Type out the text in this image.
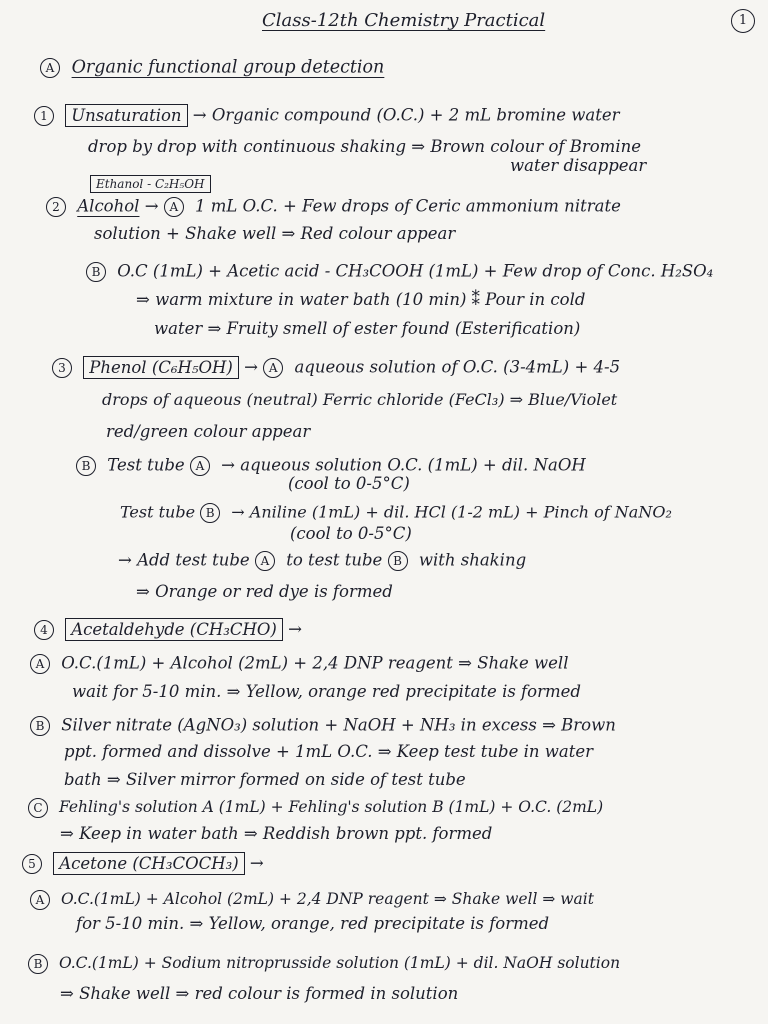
1
Class-12th Chemistry Practical
A Organic functional group detection
1 Unsaturation → Organic compound (O.C.) + 2 mL bromine water
drop by drop with continuous shaking ⇒ Brown colour of Bromine
water disappear
Ethanol - C₂H₅OH
2 Alcohol → A 1 mL O.C. + Few drops of Ceric ammonium nitrate
solution + Shake well ⇒ Red colour appear
B O.C (1mL) + Acetic acid - CH₃COOH (1mL) + Few drop of Conc. H₂SO₄
⇒ warm mixture in water bath (10 min) ⁑ Pour in cold
water ⇒ Fruity smell of ester found (Esterification)
3 Phenol (C₆H₅OH) → A aqueous solution of O.C. (3-4mL) + 4-5
drops of aqueous (neutral) Ferric chloride (FeCl₃) ⇒ Blue/Violet
red/green colour appear
B Test tube A → aqueous solution O.C. (1mL) + dil. NaOH
(cool to 0-5°C)
Test tube B → Aniline (1mL) + dil. HCl (1-2 mL) + Pinch of NaNO₂
(cool to 0-5°C)
→ Add test tube A to test tube B with shaking
⇒ Orange or red dye is formed
4 Acetaldehyde (CH₃CHO) →
A O.C.(1mL) + Alcohol (2mL) + 2,4 DNP reagent ⇒ Shake well
wait for 5-10 min. ⇒ Yellow, orange red precipitate is formed
B Silver nitrate (AgNO₃) solution + NaOH + NH₃ in excess ⇒ Brown
ppt. formed and dissolve + 1mL O.C. ⇒ Keep test tube in water
bath ⇒ Silver mirror formed on side of test tube
C Fehling's solution A (1mL) + Fehling's solution B (1mL) + O.C. (2mL)
⇒ Keep in water bath ⇒ Reddish brown ppt. formed
5 Acetone (CH₃COCH₃) →
A O.C.(1mL) + Alcohol (2mL) + 2,4 DNP reagent ⇒ Shake well ⇒ wait
for 5-10 min. ⇒ Yellow, orange, red precipitate is formed
B O.C.(1mL) + Sodium nitroprusside solution (1mL) + dil. NaOH solution
⇒ Shake well ⇒ red colour is formed in solution
